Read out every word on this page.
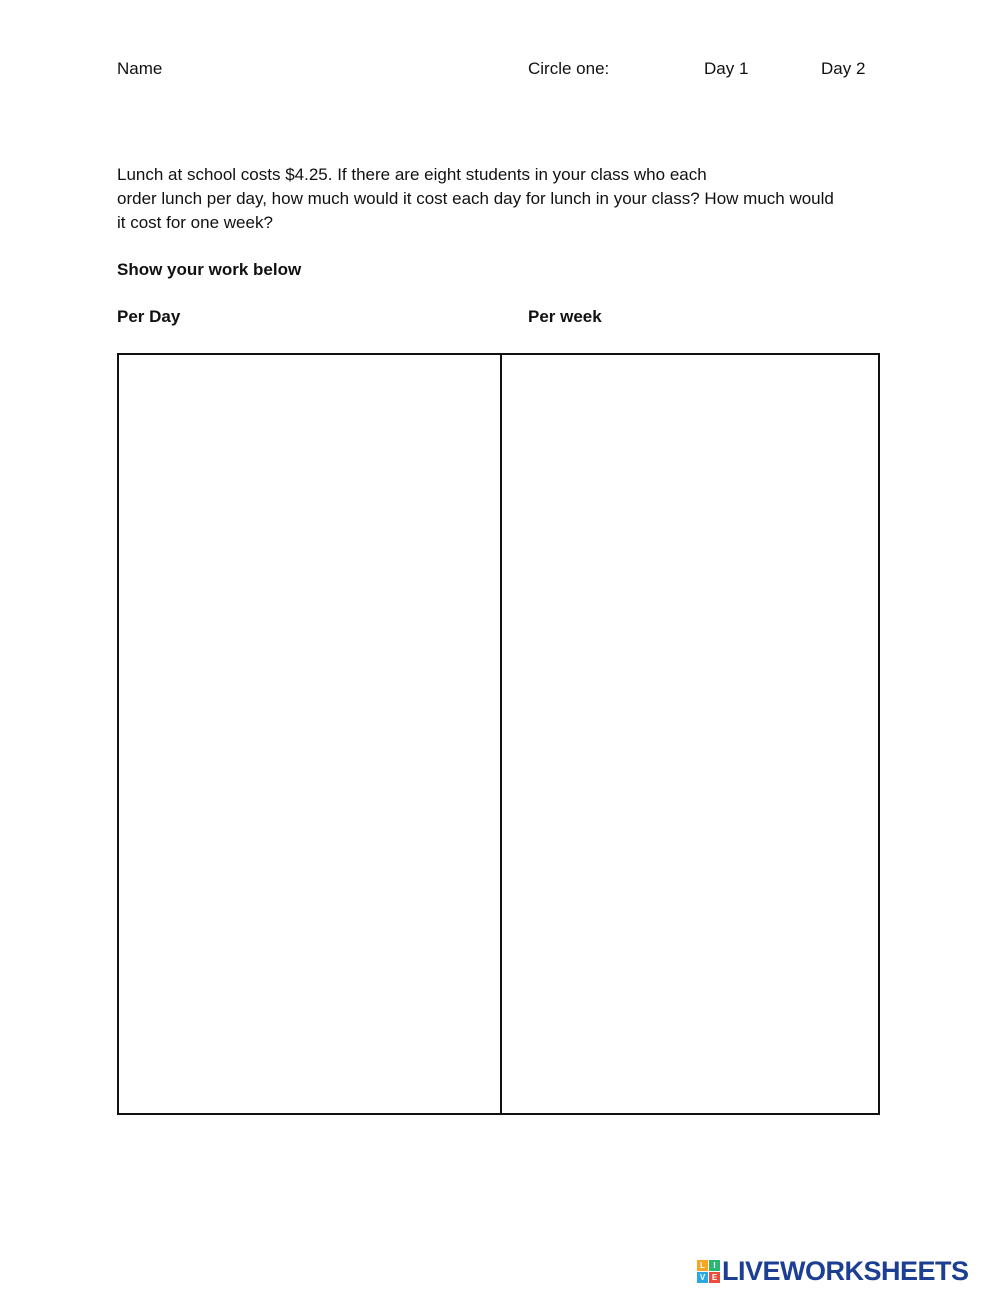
Name	Circle one:	Day 1	Day 2
Lunch at school costs $4.25. If there are eight students in your class who each
order lunch per day, how much would it cost each day for lunch in your class? How much would
it cost for one week?
Show your work below
Per Day	Per week
L	I
V E LIVEWORKSHEETS
